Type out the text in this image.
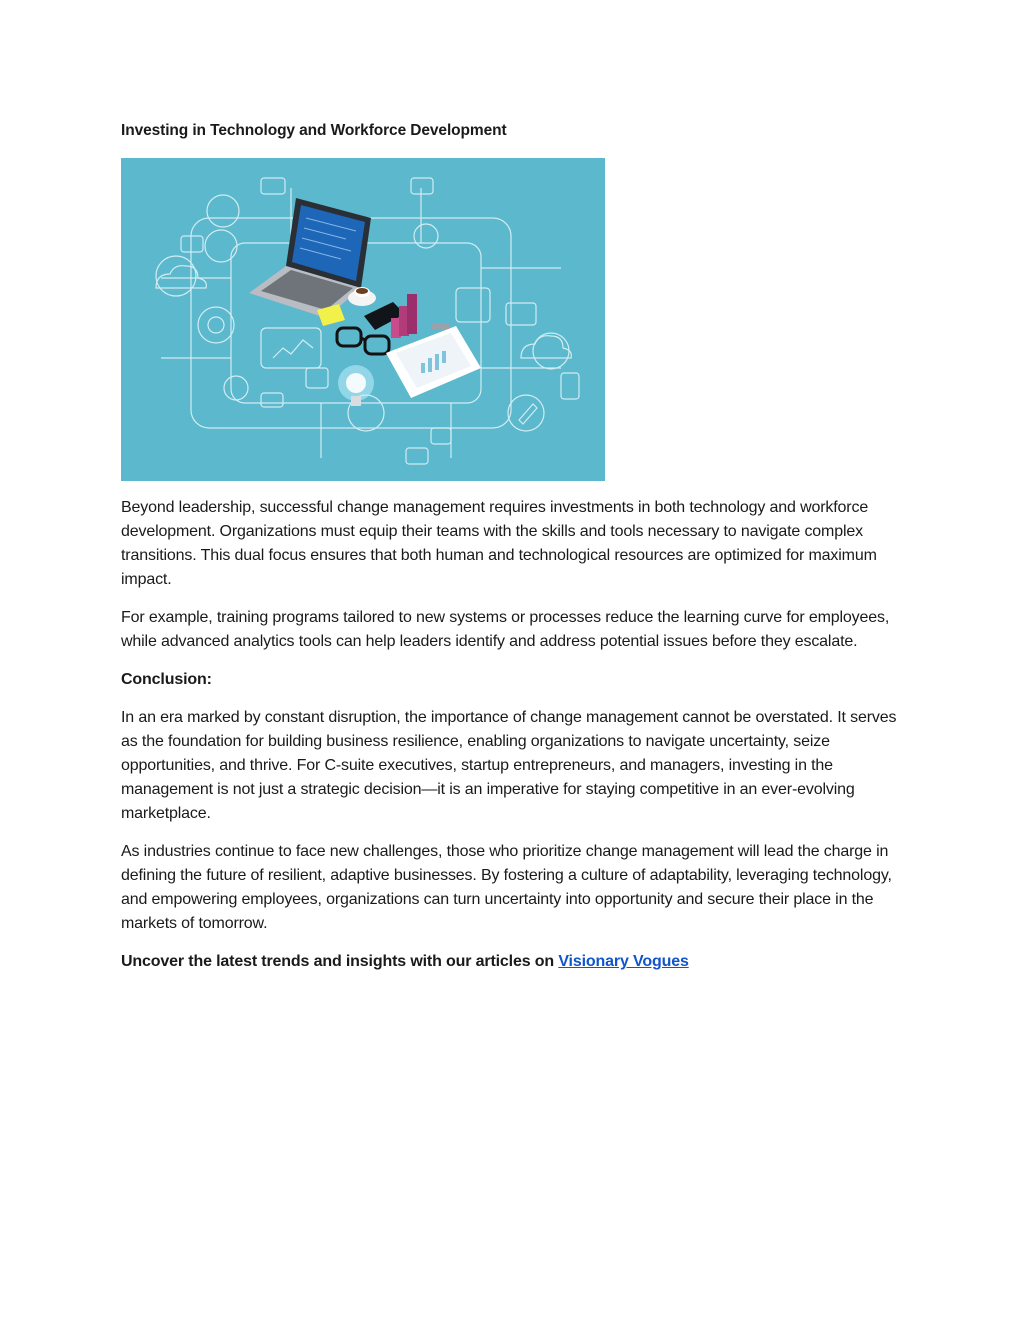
Investing in Technology and Workforce Development

Beyond leadership, successful change management requires investments in both technology and workforce development. Organizations must equip their teams with the skills and tools necessary to navigate complex transitions. This dual focus ensures that both human and technological resources are optimized for maximum impact.

For example, training programs tailored to new systems or processes reduce the learning curve for employees, while advanced analytics tools can help leaders identify and address potential issues before they escalate.

Conclusion:

In an era marked by constant disruption, the importance of change management cannot be overstated. It serves as the foundation for building business resilience, enabling organizations to navigate uncertainty, seize opportunities, and thrive. For C-suite executives, startup entrepreneurs, and managers, investing in the management is not just a strategic decision—it is an imperative for staying competitive in an ever-evolving marketplace.

As industries continue to face new challenges, those who prioritize change management will lead the charge in defining the future of resilient, adaptive businesses. By fostering a culture of adaptability, leveraging technology, and empowering employees, organizations can turn uncertainty into opportunity and secure their place in the markets of tomorrow.

Uncover the latest trends and insights with our articles on Visionary Vogues
